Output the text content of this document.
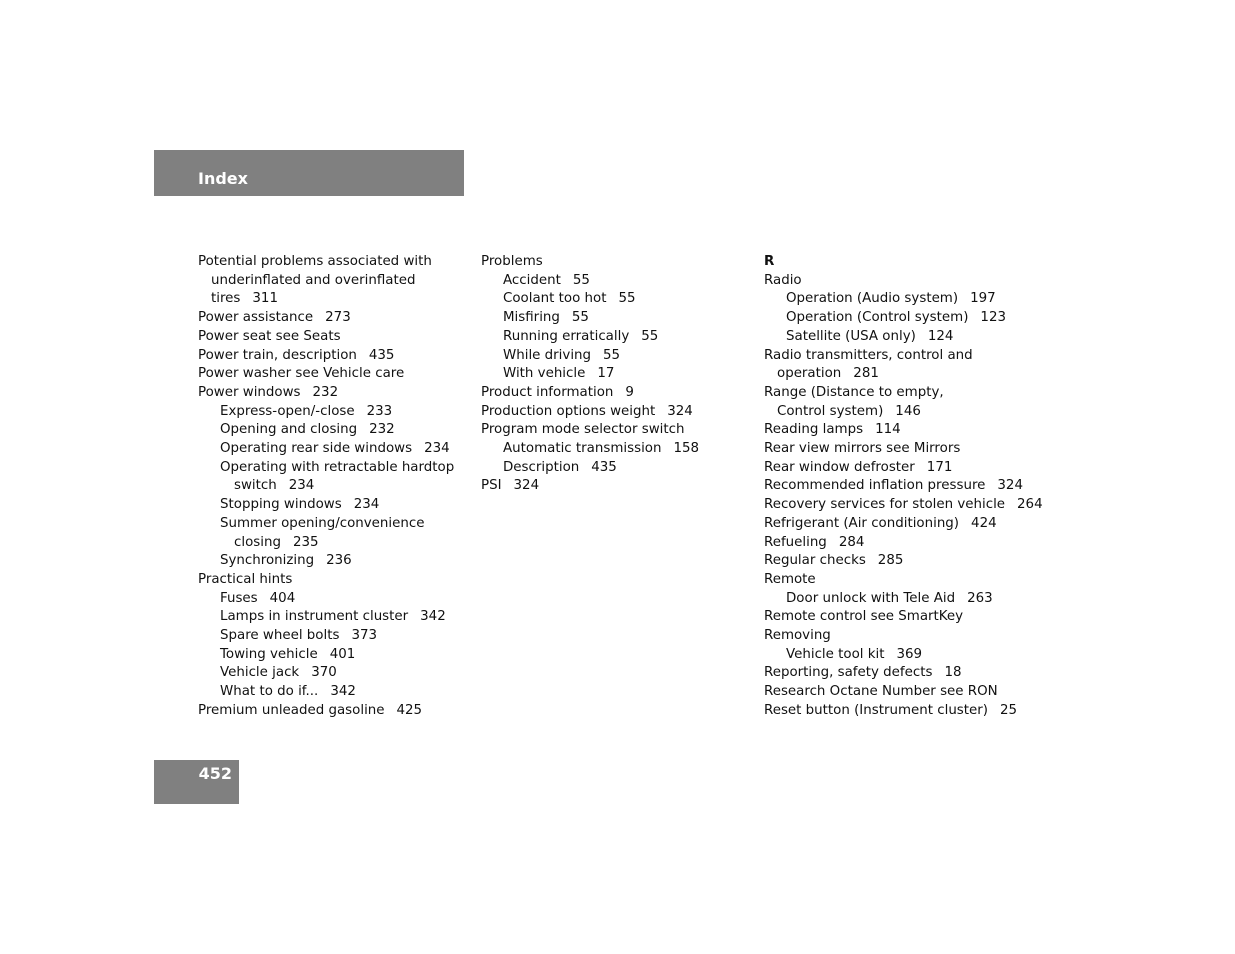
Index
Potential problems associated with
underinflated and overinflated
tires 311
Power assistance 273
Power seat see Seats
Power train, description 435
Power washer see Vehicle care
Power windows 232
Express-open/-close 233
Opening and closing 232
Operating rear side windows 234
Operating with retractable hardtop
switch 234
Stopping windows 234
Summer opening/convenience
closing 235
Synchronizing 236
Practical hints
Fuses 404
Lamps in instrument cluster 342
Spare wheel bolts 373
Towing vehicle 401
Vehicle jack 370
What to do if... 342
Premium unleaded gasoline 425
Problems
Accident 55
Coolant too hot 55
Misfiring 55
Running erratically 55
While driving 55
With vehicle 17
Product information 9
Production options weight 324
Program mode selector switch
Automatic transmission 158
Description 435
PSI 324
R
Radio
Operation (Audio system) 197
Operation (Control system) 123
Satellite (USA only) 124
Radio transmitters, control and
operation 281
Range (Distance to empty,
Control system) 146
Reading lamps 114
Rear view mirrors see Mirrors
Rear window defroster 171
Recommended inflation pressure 324
Recovery services for stolen vehicle 264
Refrigerant (Air conditioning) 424
Refueling 284
Regular checks 285
Remote
Door unlock with Tele Aid 263
Remote control see SmartKey
Removing
Vehicle tool kit 369
Reporting, safety defects 18
Research Octane Number see RON
Reset button (Instrument cluster) 25
452
